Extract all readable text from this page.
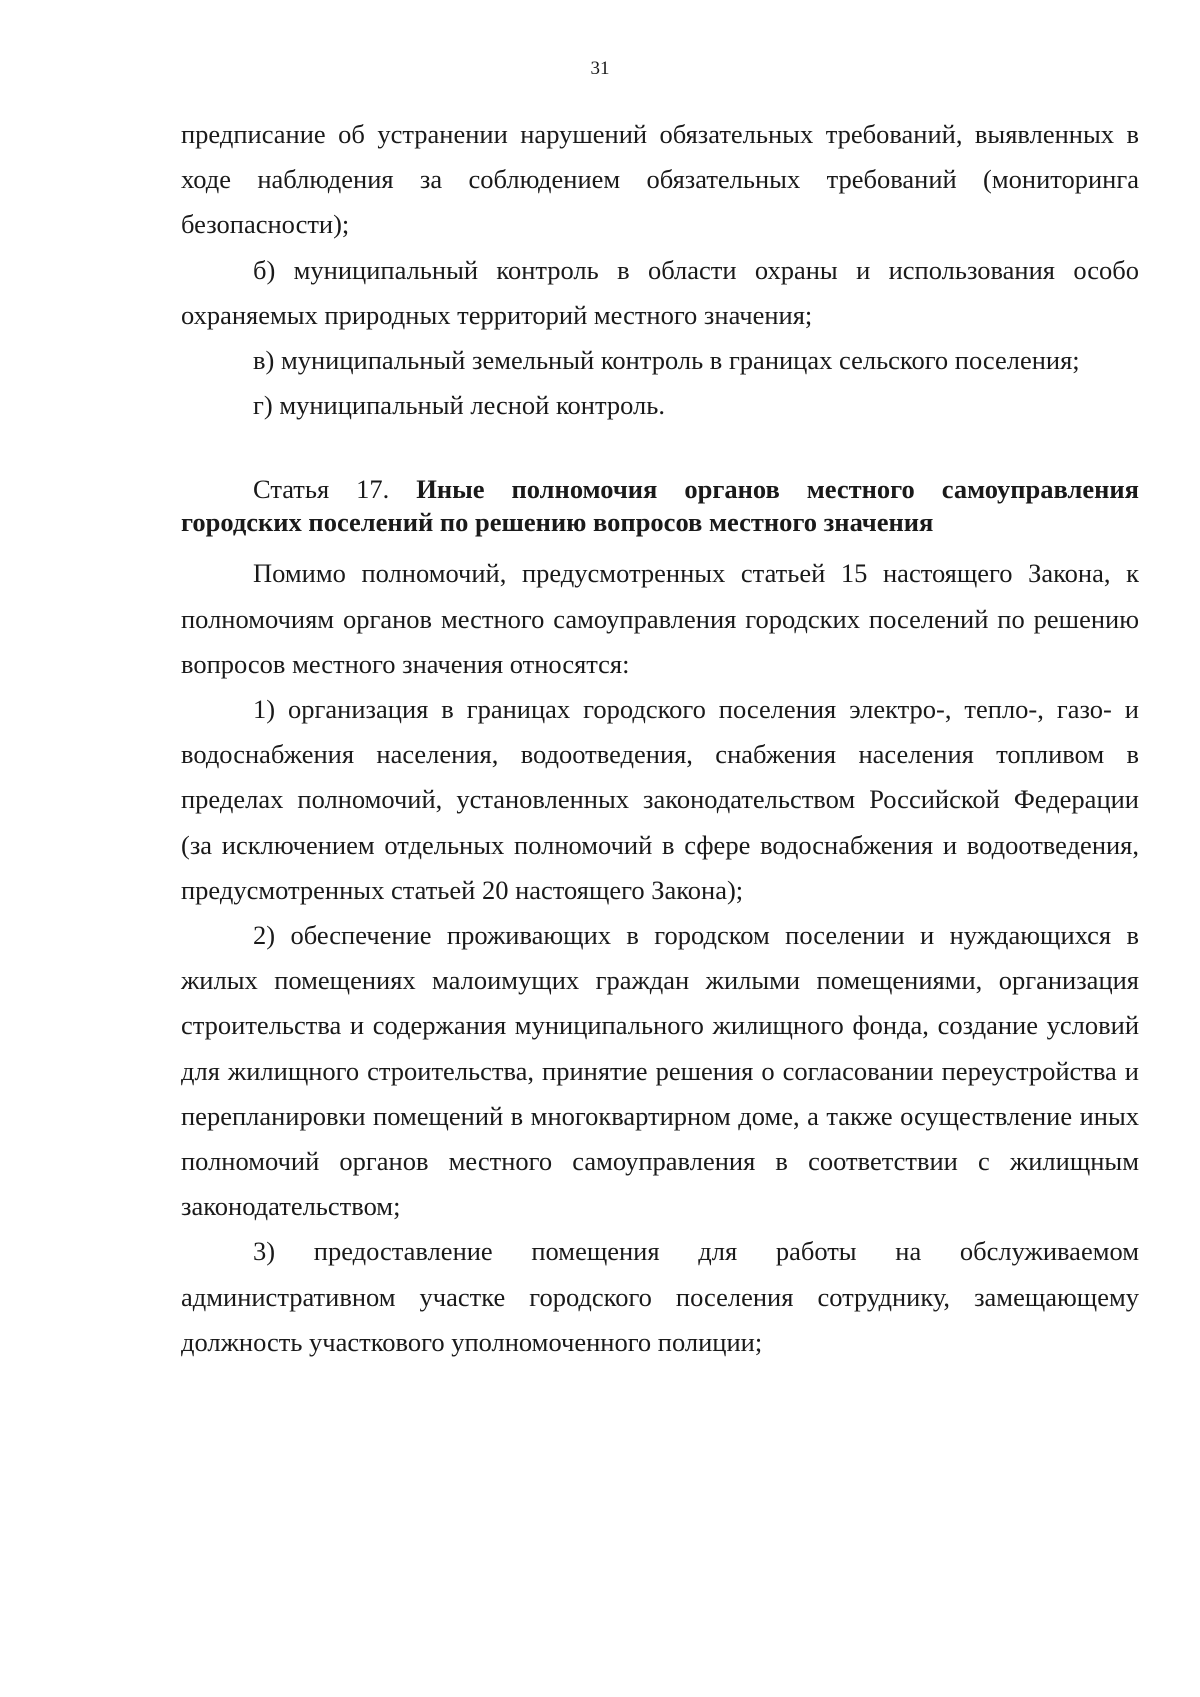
31

предписание об устранении нарушений обязательных требований, выявленных в ходе наблюдения за соблюдением обязательных требований (мониторинга безопасности);

б) муниципальный контроль в области охраны и использования особо охраняемых природных территорий местного значения;

в) муниципальный земельный контроль в границах сельского поселения;

г) муниципальный лесной контроль.

Статья 17. Иные полномочия органов местного самоуправления городских поселений по решению вопросов местного значения

Помимо полномочий, предусмотренных статьей 15 настоящего Закона, к полномочиям органов местного самоуправления городских поселений по решению вопросов местного значения относятся:

1) организация в границах городского поселения электро-, тепло-, газо- и водоснабжения населения, водоотведения, снабжения населения топливом в пределах полномочий, установленных законодательством Российской Федерации (за исключением отдельных полномочий в сфере водоснабжения и водоотведения, предусмотренных статьей 20 настоящего Закона);

2) обеспечение проживающих в городском поселении и нуждающихся в жилых помещениях малоимущих граждан жилыми помещениями, организация строительства и содержания муниципального жилищного фонда, создание условий для жилищного строительства, принятие решения о согласовании переустройства и перепланировки помещений в многоквартирном доме, а также осуществление иных полномочий органов местного самоуправления в соответствии с жилищным законодательством;

3) предоставление помещения для работы на обслуживаемом административном участке городского поселения сотруднику, замещающему должность участкового уполномоченного полиции;
